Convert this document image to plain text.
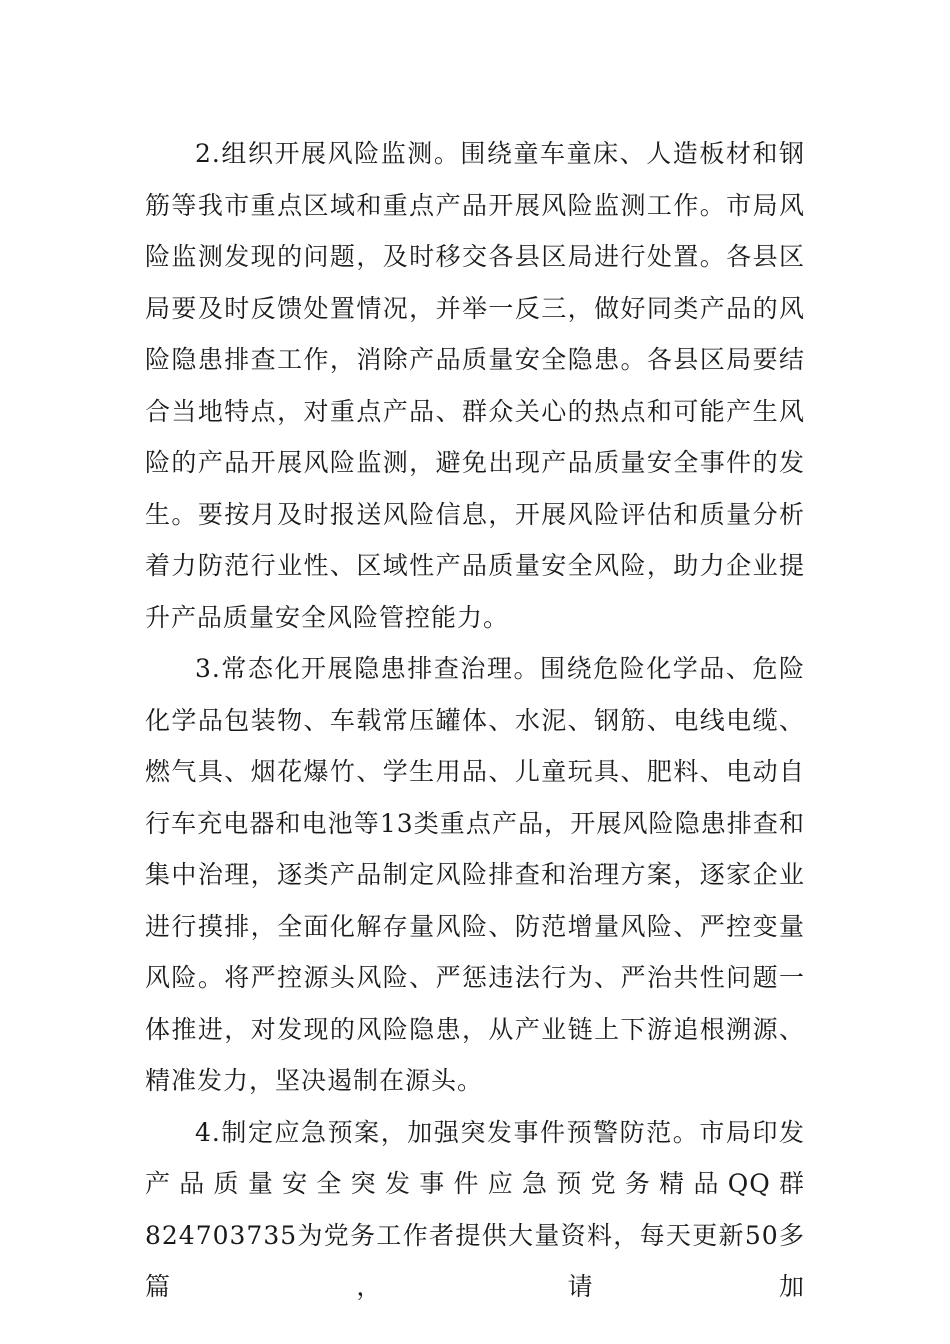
2.组织开展风险监测。围绕童车童床、人造板材和钢筋等我市重点区域和重点产品开展风险监测工作。市局风险监测发现的问题，及时移交各县区局进行处置。各县区局要及时反馈处置情况，并举一反三，做好同类产品的风险隐患排查工作，消除产品质量安全隐患。各县区局要结合当地特点，对重点产品、群众关心的热点和可能产生风险的产品开展风险监测，避免出现产品质量安全事件的发生。要按月及时报送风险信息，开展风险评估和质量分析着力防范行业性、区域性产品质量安全风险，助力企业提升产品质量安全风险管控能力。

3.常态化开展隐患排查治理。围绕危险化学品、危险化学品包装物、车载常压罐体、水泥、钢筋、电线电缆、燃气具、烟花爆竹、学生用品、儿童玩具、肥料、电动自行车充电器和电池等13类重点产品，开展风险隐患排查和集中治理，逐类产品制定风险排查和治理方案，逐家企业进行摸排，全面化解存量风险、防范增量风险、严控变量风险。将严控源头风险、严惩违法行为、严治共性问题一体推进，对发现的风险隐患，从产业链上下游追根溯源、精准发力，坚决遏制在源头。

4.制定应急预案，加强突发事件预警防范。市局印发产品质量安全突发事件应急预党务精品QQ群824703735为党务工作者提供大量资料，每天更新50多篇，请加
